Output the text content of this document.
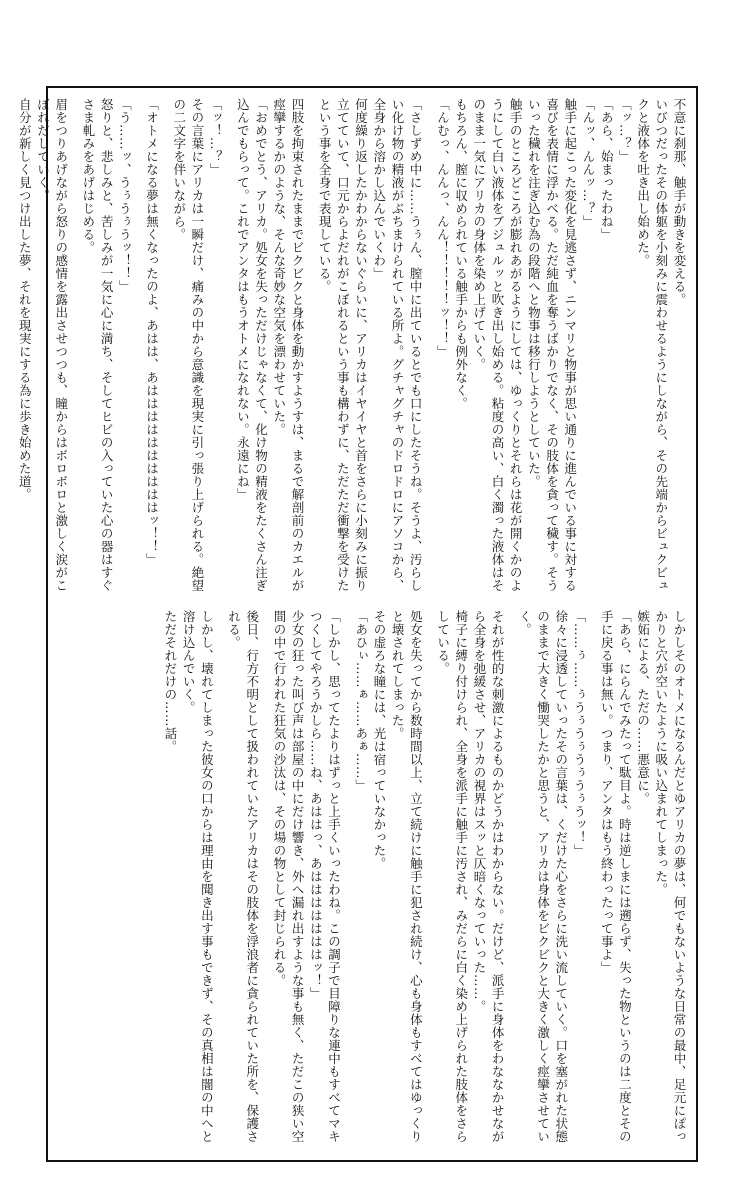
不意に刹那、触手が動きを変える。

いびつだったその体躯を小刻みに震わせるようにしながら、その先端からビュクビュクと液体を吐き出し始めた。

「ッ…？」

「あら、始まったわね」

「んッ、んんッ…？」

触手に起こった変化を見逃さず、ニンマリと物事が思い通りに進んでいる事に対する喜びを表情に浮かべる。ただ純血を奪うばかりでなく、その肢体を貪って穢す。そういった穢れを注ぎ込む為の段階へと物事は移行しようとしていた。

触手のところどころが膨れあがるようにしては、ゆっくりとそれらは花が開くかのようにして白い液体をブジュルッと吹き出し始める。粘度の高い、白く濁った液体はそのまま一気にアリカの身体を染め上げていく。

もちろん、膣に収められている触手からも例外なく。

「んむっ、んんっ、んん！！！！！ッ！！」

「さしずめ中に……うぅん、膣中に出ているとでも口にしたそうね。そうよ、汚らしい化け物の精液がぶちまけられている所よ。グチャグチャのドロドロにアソコから、全身から溶かし込んでいくわ」

何度繰り返したかわからないぐらいに、アリカはイヤイヤと首をさらに小刻みに振り立てていて、口元からよだれがこぼれるという事も構わずに、ただただ衝撃を受けたという事を全身で表現している。

四肢を拘束されたままでビクビクと身体を動かすようすは、まるで解剖前のカエルが痙攣するかのような、そんな奇妙な空気を漂わせていた。

「おめでとう、アリカ。処女を失っただけじゃなくて、化け物の精液をたくさん注ぎ込んでもらって。これでアンタはもうオトメになれない。永遠にね」

「ッ！…？」

その言葉にアリカは一瞬だけ、痛みの中から意識を現実に引っ張り上げられる。絶望の二文字を伴いながら。

「オトメになる夢は無くなったのよ、あはは、あははははははははははッ！！」

「う……ッ、うぅうぅうッ！！」

怒りと、悲しみと、苦しみが一気に心に満ち、そしてヒビの入っていた心の器はすぐさま軋みをあげはじめる。

眉をつりあげながら怒りの感情を露出させつつも、瞳からはボロボロと激しく涙がこぼれだしていく。

自分が新しく見つけ出した夢、それを現実にする為に歩き始めた道。

しかしそのオトメになるんだとゆアリカの夢は、何でもないような日常の最中、足元にぽっかりと穴が空いたように吸い込まれてしまった。

嫉妬による、ただの……悪意に。

「あら、にらんでみたって駄目よ。時は逆しまには遡らず、失った物というのは二度とその手に戻る事は無い。つまり、アンタはもう終わったって事よ」

「……ぅ……ぅうぅうぅうぅうぅうッ！」

徐々に浸透していったその言葉は、くだけた心をさらに洗い流していく。口を塞がれた状態のままで大きく慟哭したかと思うと、アリカは身体をビクビクと大きく激しく痙攣させていく。

それが性的な刺激によるものかどうかはわからない。だけど、派手に身体をわななかせながら全身を弛緩させ、アリカの視界はスッと仄暗くなっていった……。

椅子に縛り付けられ、全身を派手に触手に汚され、みだらに白く染め上げられた肢体をさらしている。

処女を失ってから数時間以上、立て続けに触手に犯され続け、心も身体もすべてはゆっくりと壊されてしまった。

その虚ろな瞳には、光は宿っていなかった。

「あひぃ……ぁ……あぁ……」

「しかし、思ってたよりはずっと上手くいったわね。この調子で目障りな連中もすべてマキつくしてやろうかしら……ね、あははっ、あはははははははッ！」

少女の狂った叫び声は部屋の中にだけ響き、外へ漏れ出すような事も無く、ただこの狭い空間の中で行われた狂気の沙汰は、その場の物として封じられる。

後日、行方不明として扱われていたアリカはその肢体を浮浪者に貪られていた所を、保護される。

しかし、壊れてしまった彼女の口からは理由を聞き出す事もできず、その真相は闇の中へと溶け込んでいく。

ただそれだけの……話。
